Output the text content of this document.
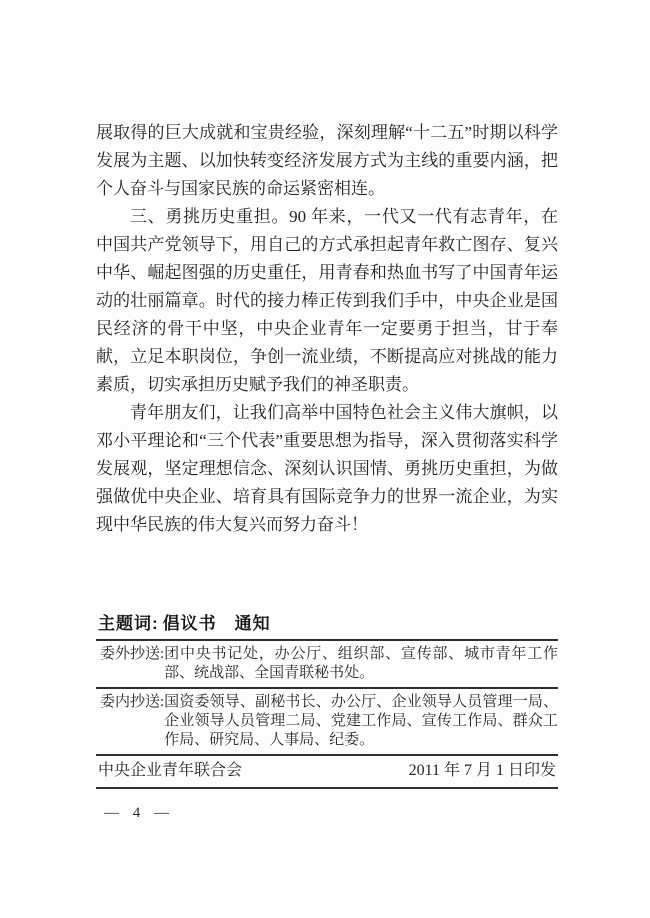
展取得的巨大成就和宝贵经验，深刻理解“十二五”时期以科学发展为主题、以加快转变经济发展方式为主线的重要内涵，把个人奋斗与国家民族的命运紧密相连。

三、勇挑历史重担。90 年来，一代又一代有志青年，在中国共产党领导下，用自己的方式承担起青年救亡图存、复兴中华、崛起图强的历史重任，用青春和热血书写了中国青年运动的壮丽篇章。时代的接力棒正传到我们手中，中央企业是国民经济的骨干中坚，中央企业青年一定要勇于担当，甘于奉献，立足本职岗位，争创一流业绩，不断提高应对挑战的能力素质，切实承担历史赋予我们的神圣职责。

青年朋友们，让我们高举中国特色社会主义伟大旗帜，以邓小平理论和“三个代表”重要思想为指导，深入贯彻落实科学发展观，坚定理想信念、深刻认识国情、勇挑历史重担，为做强做优中央企业、培育具有国际竞争力的世界一流企业，为实现中华民族的伟大复兴而努力奋斗！

主题词: 倡议书　通知
委外抄送: 团中央书记处，办公厅、组织部、宣传部、城市青年工作部、统战部、全国青联秘书处。
委内抄送: 国资委领导、副秘书长、办公厅、企业领导人员管理一局、企业领导人员管理二局、党建工作局、宣传工作局、群众工作局、研究局、人事局、纪委。
中央企业青年联合会	2011 年 7 月 1 日印发
— 4 —
